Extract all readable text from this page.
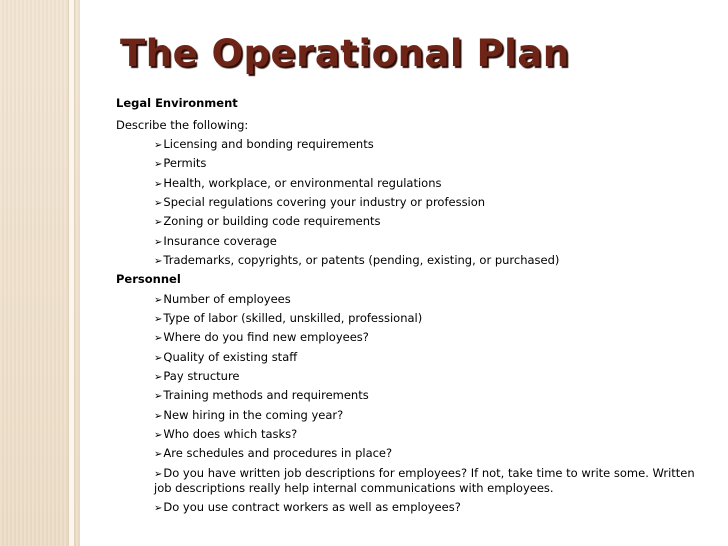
The Operational Plan
Legal Environment
Describe the following:
➢Licensing and bonding requirements
➢Permits
➢Health, workplace, or environmental regulations
➢Special regulations covering your industry or profession
➢Zoning or building code requirements
➢Insurance coverage
➢Trademarks, copyrights, or patents (pending, existing, or purchased)
Personnel
➢Number of employees
➢Type of labor (skilled, unskilled, professional)
➢Where do you find new employees?
➢Quality of existing staff
➢Pay structure
➢Training methods and requirements
➢New hiring in the coming year?
➢Who does which tasks?
➢Are schedules and procedures in place?
➢Do you have written job descriptions for employees? If not, take time to write some. Written
job descriptions really help internal communications with employees.
➢Do you use contract workers as well as employees?
